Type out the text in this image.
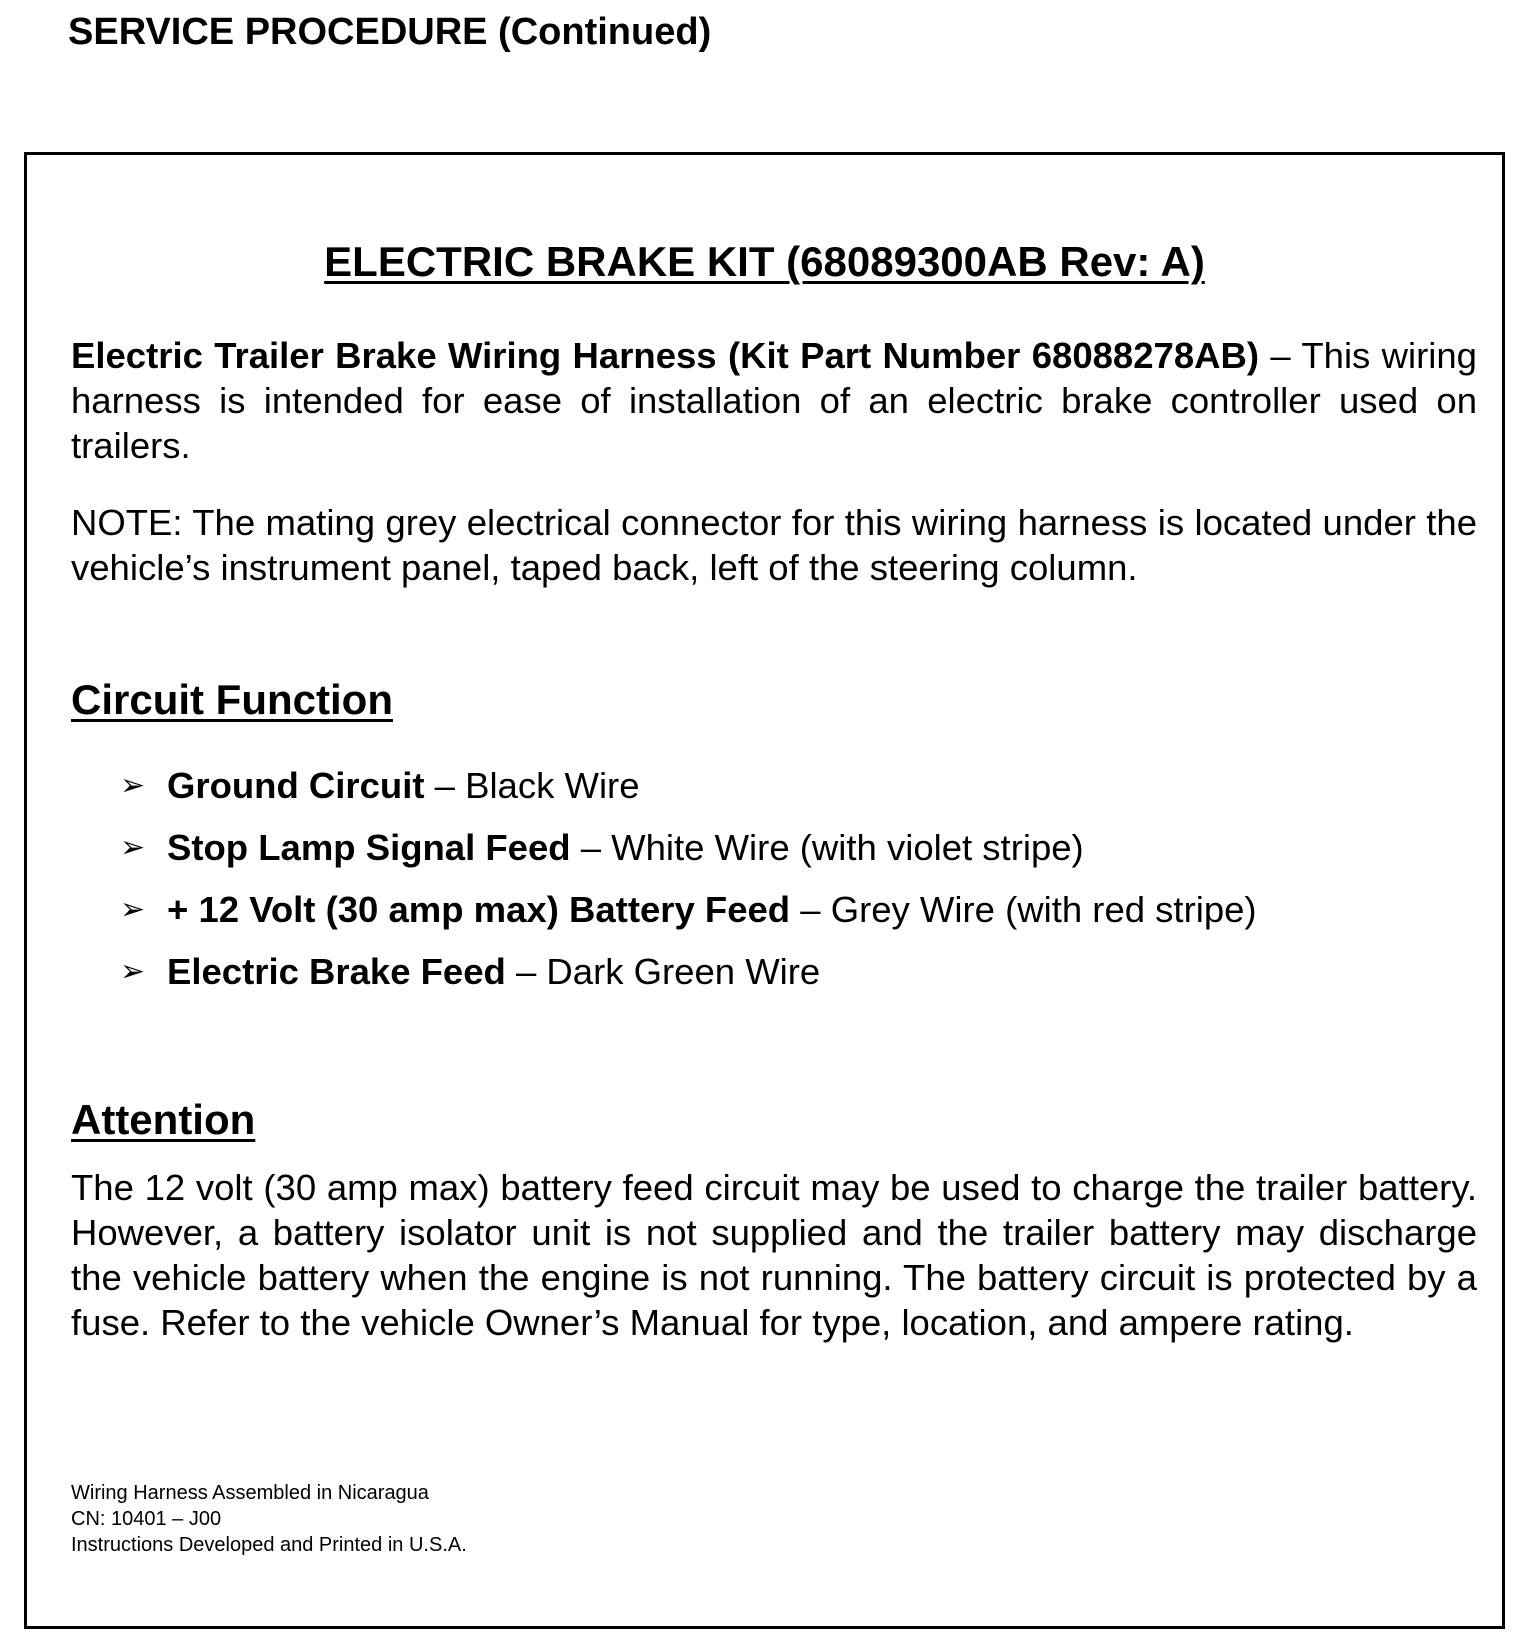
SERVICE PROCEDURE (Continued)
ELECTRIC BRAKE KIT (68089300AB Rev: A)
Electric Trailer Brake Wiring Harness (Kit Part Number 68088278AB) – This wiring harness is intended for ease of installation of an electric brake controller used on trailers.
NOTE: The mating grey electrical connector for this wiring harness is located under the vehicle’s instrument panel, taped back, left of the steering column.
Circuit Function
➢ Ground Circuit – Black Wire
➢ Stop Lamp Signal Feed – White Wire (with violet stripe)
➢ + 12 Volt (30 amp max) Battery Feed – Grey Wire (with red stripe)
➢ Electric Brake Feed – Dark Green Wire
Attention
The 12 volt (30 amp max) battery feed circuit may be used to charge the trailer battery. However, a battery isolator unit is not supplied and the trailer battery may discharge the vehicle battery when the engine is not running. The battery circuit is protected by a fuse. Refer to the vehicle Owner’s Manual for type, location, and ampere rating.
Wiring Harness Assembled in Nicaragua
CN: 10401 – J00
Instructions Developed and Printed in U.S.A.
